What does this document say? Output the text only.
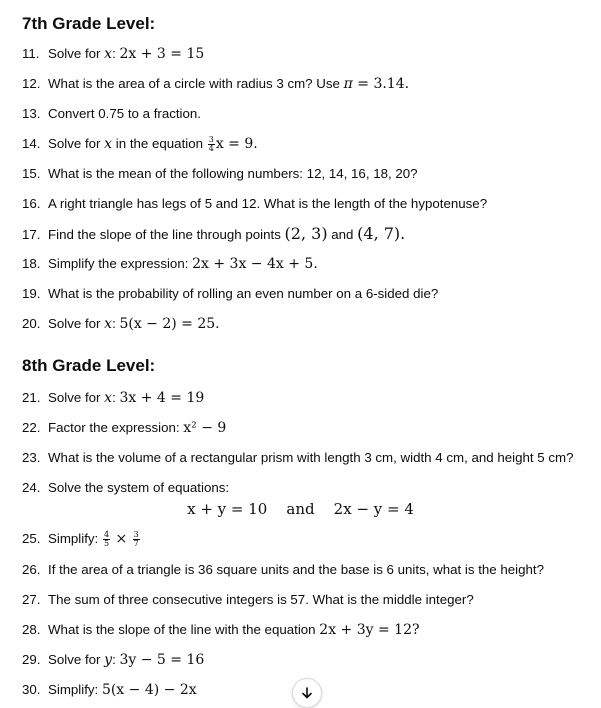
7th Grade Level:
11. Solve for x: 2x + 3 = 15
12. What is the area of a circle with radius 3 cm? Use π = 3.14.
13. Convert 0.75 to a fraction.
14. Solve for x in the equation $\frac{3}{4}$ x = 9.
15. What is the mean of the following numbers: 12, 14, 16, 18, 20?
16. A right triangle has legs of 5 and 12. What is the length of the hypotenuse?
17. Find the slope of the line through points (2, 3) and (4, 7).
18. Simplify the expression: 2x + 3x − 4x + 5.
19. What is the probability of rolling an even number on a 6-sided die?
20. Solve for x: 5(x − 2) = 25.
8th Grade Level:
21. Solve for x: 3x + 4 = 19
22. Factor the expression: x² − 9
23. What is the volume of a rectangular prism with length 3 cm, width 4 cm, and height 5 cm?
24. Solve the system of equations:
x + y = 10    and    2x − y = 4
25. Simplify: $\frac{4}{5} \times \frac{3}{7}$
26. If the area of a triangle is 36 square units and the base is 6 units, what is the height?
27. The sum of three consecutive integers is 57. What is the middle integer?
28. What is the slope of the line with the equation 2x + 3y = 12?
29. Solve for y: 3y − 5 = 16
30. Simplify: 5(x − 4) − 2x
